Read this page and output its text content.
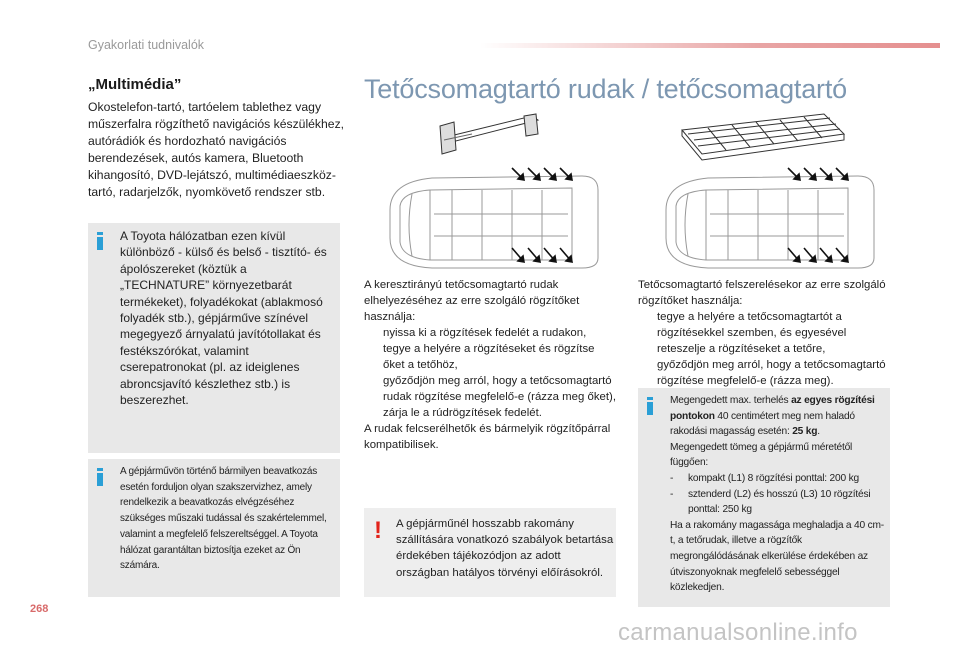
Gyakorlati tudnivalók
„Multimédia”
Okostelefon-tartó, tartóelem tablethez vagy műszerfalra rögzíthető navigációs készülékhez, autórádiók és hordozható navigációs berendezések, autós kamera, Bluetooth kihangosító, DVD-lejátszó, multimédiaeszköz-tartó, radarjelzők, nyomkövető rendszer stb.
A Toyota hálózatban ezen kívül különböző - külső és belső - tisztító- és ápolószereket (köztük a „TECHNATURE” környezetbarát termékeket), folyadékokat (ablakmosó folyadék stb.), gépjárműve színével megegyező árnyalatú javítótollakat és festékszórókat, valamint cserepatronokat (pl. az ideiglenes abroncsjavító készlethez stb.) is beszerezhet.
A gépjárművön történő bármilyen beavatkozás esetén forduljon olyan szakszervizhez, amely rendelkezik a beavatkozás elvégzéséhez szükséges műszaki tudással és szakértelemmel, valamint a megfelelő felszereltséggel. A Toyota hálózat garantáltan biztosítja ezeket az Ön számára.
Tetőcsomagtartó rudak / tetőcsomagtartó

A keresztirányú tetőcsomagtartó rudak elhelyezéséhez az erre szolgáló rögzítőket használja:

nyissa ki a rögzítések fedelét a rudakon,
tegye a helyére a rögzítéseket és rögzítse őket a tetőhöz,
győződjön meg arról, hogy a tetőcsomagtartó rudak rögzítése megfelelő-e (rázza meg őket),
zárja le a rúdrögzítések fedelét.

A rudak felcserélhetők és bármelyik rögzítőpárral kompatibilisek.

! A gépjárműnél hosszabb rakomány szállítására vonatkozó szabályok betartása érdekében tájékozódjon az adott országban hatályos törvényi előírásokról.

Tetőcsomagtartó felszerelésekor az erre szolgáló rögzítőket használja:

tegye a helyére a tetőcsomagtartót a rögzítésekkel szemben, és egyesével reteszelje a rögzítéseket a tetőre,
győződjön meg arról, hogy a tetőcsomagtartó rögzítése megfelelő-e (rázza meg).
Megengedett max. terhelés az egyes rögzítési pontokon 40 centimétert meg nem haladó rakodási magasság esetén: 25 kg.
Megengedett tömeg a gépjármű méretétől függően:
-	kompakt (L1) 8 rögzítési ponttal: 200 kg
-	sztenderd (L2) és hosszú (L3) 10 rögzítési ponttal: 250 kg
Ha a rakomány magassága meghaladja a 40 cm-t, a tetőrudak, illetve a rögzítők megrongálódásának elkerülése érdekében az útviszonyoknak megfelelő sebességgel közlekedjen.
268
carmanualsonline.info
